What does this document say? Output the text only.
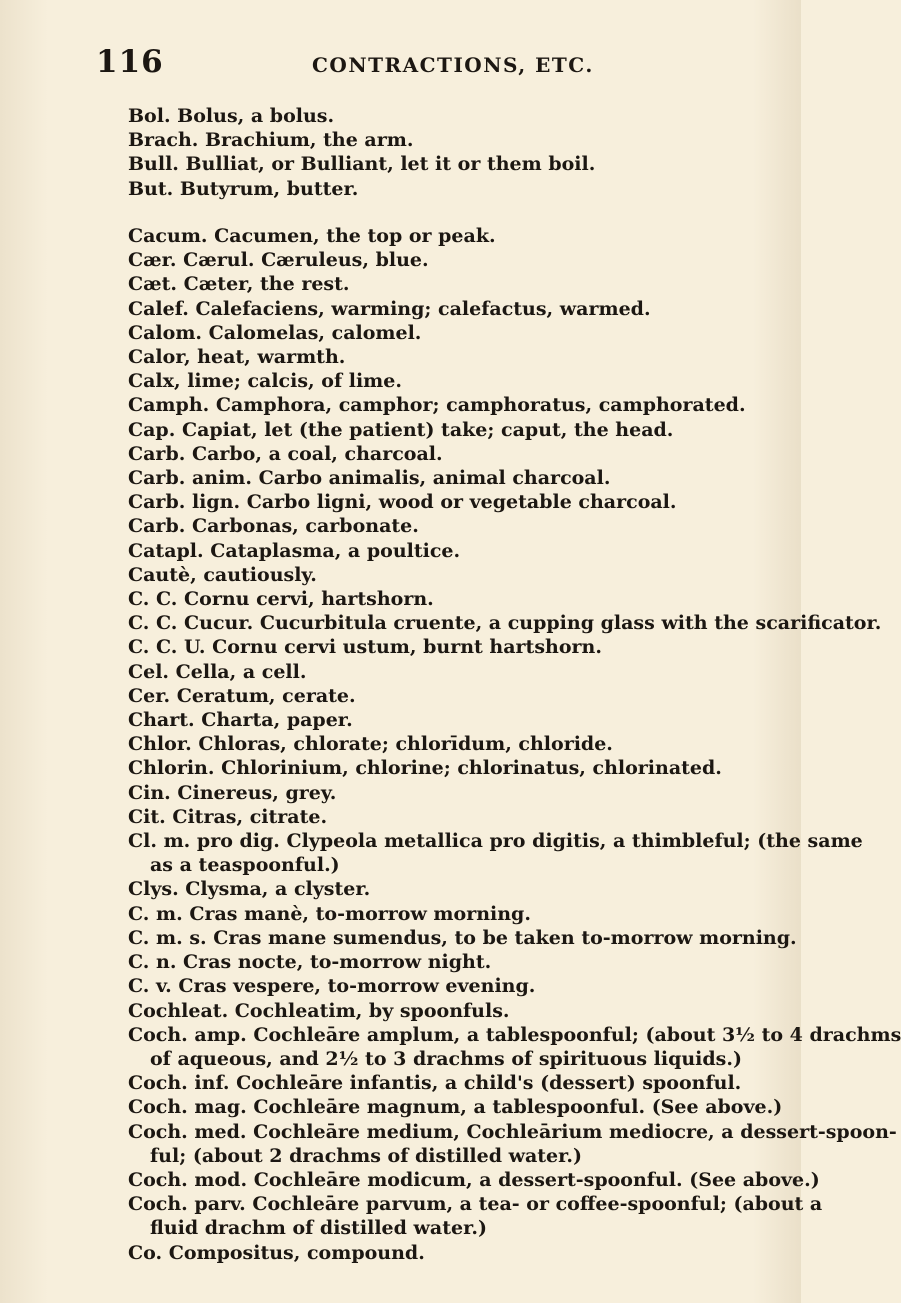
116	CONTRACTIONS, ETC.
Bol. Bolus, a bolus.
Brach. Brachium, the arm.
Bull. Bulliat, or Bulliant, let it or them boil.
But. Butyrum, butter.
Cacum. Cacumen, the top or peak.
Cær. Cærul. Cæruleus, blue.
Cæt. Cæter, the rest.
Calef. Calefaciens, warming; calefactus, warmed.
Calom. Calomelas, calomel.
Calor, heat, warmth.
Calx, lime; calcis, of lime.
Camph. Camphora, camphor; camphoratus, camphorated.
Cap. Capiat, let (the patient) take; caput, the head.
Carb. Carbo, a coal, charcoal.
Carb. anim. Carbo animalis, animal charcoal.
Carb. lign. Carbo ligni, wood or vegetable charcoal.
Carb. Carbonas, carbonate.
Catapl. Cataplasma, a poultice.
Cautè, cautiously.
C. C. Cornu cervi, hartshorn.
C. C. Cucur. Cucurbitula cruente, a cupping glass with the scarificator.
C. C. U. Cornu cervi ustum, burnt hartshorn.
Cel. Cella, a cell.
Cer. Ceratum, cerate.
Chart. Charta, paper.
Chlor. Chloras, chlorate; chlorīdum, chloride.
Chlorin. Chlorinium, chlorine; chlorinatus, chlorinated.
Cin. Cinereus, grey.
Cit. Citras, citrate.
Cl. m. pro dig. Clypeola metallica pro digitis, a thimbleful; (the same
as a teaspoonful.)
Clys. Clysma, a clyster.
C. m. Cras manè, to-morrow morning.
C. m. s. Cras mane sumendus, to be taken to-morrow morning.
C. n. Cras nocte, to-morrow night.
C. v. Cras vespere, to-morrow evening.
Cochleat. Cochleatim, by spoonfuls.
Coch. amp. Cochleāre amplum, a tablespoonful; (about 3½ to 4 drachms
of aqueous, and 2½ to 3 drachms of spirituous liquids.)
Coch. inf. Cochleāre infantis, a child's (dessert) spoonful.
Coch. mag. Cochleāre magnum, a tablespoonful. (See above.)
Coch. med. Cochleāre medium, Cochleārium mediocre, a dessert-spoon-
ful; (about 2 drachms of distilled water.)
Coch. mod. Cochleāre modicum, a dessert-spoonful. (See above.)
Coch. parv. Cochleāre parvum, a tea- or coffee-spoonful; (about a
fluid drachm of distilled water.)
Co. Compositus, compound.
